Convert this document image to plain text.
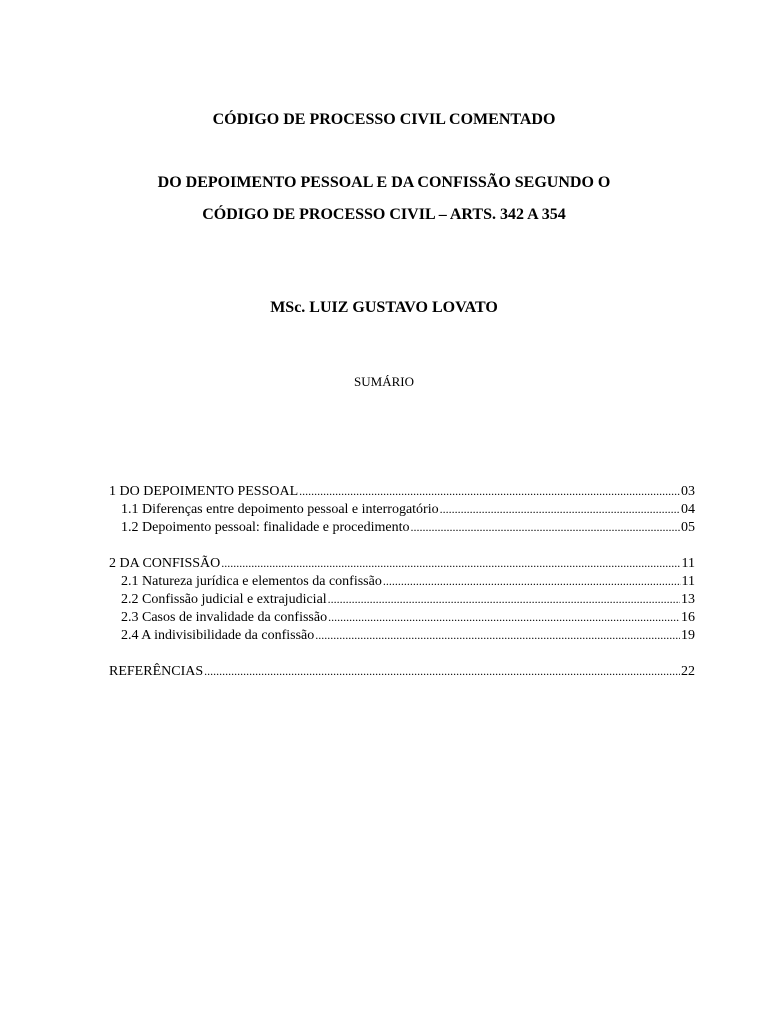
CÓDIGO DE PROCESSO CIVIL COMENTADO
DO DEPOIMENTO PESSOAL E DA CONFISSÃO SEGUNDO O
CÓDIGO DE PROCESSO CIVIL – ARTS. 342 A 354
MSc. LUIZ GUSTAVO LOVATO
SUMÁRIO
1 DO DEPOIMENTO PESSOAL .....	03
1.1 Diferenças entre depoimento pessoal e interrogatório .....	04
1.2 Depoimento pessoal: finalidade e procedimento .....	05
2 DA CONFISSÃO .....	11
2.1 Natureza jurídica e elementos da confissão .....	11
2.2 Confissão judicial e extrajudicial .....	13
2.3 Casos de invalidade da confissão .....	16
2.4 A indivisibilidade da confissão .....	19
REFERÊNCIAS .....	22
